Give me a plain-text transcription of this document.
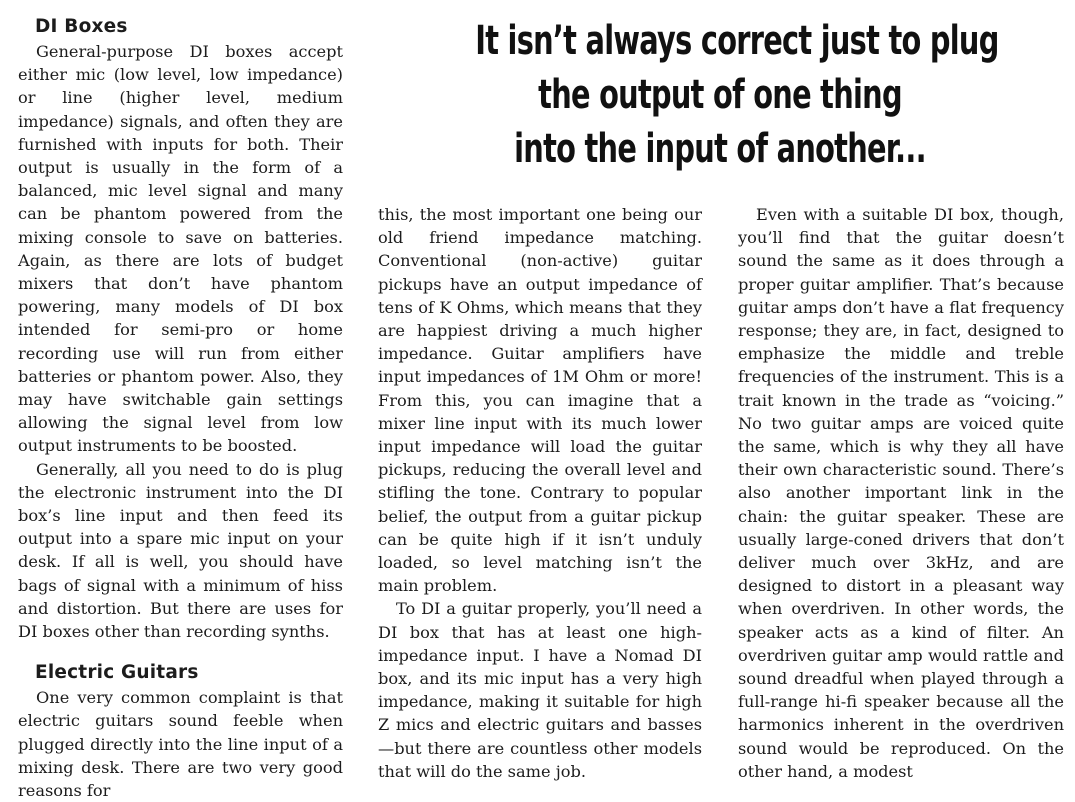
It isn’t always correct just to plug
the output of one thing
into the input of another...
DI Boxes

General-purpose DI boxes accept either mic (low level, low impedance) or line (higher level, medium impedance) signals, and often they are furnished with inputs for both. Their output is usually in the form of a balanced, mic level signal and many can be phantom powered from the mixing console to save on batteries. Again, as there are lots of budget mixers that don’t have phantom powering, many models of DI box intended for semi-pro or home recording use will run from either batteries or phantom power. Also, they may have switchable gain settings allowing the signal level from low output instruments to be boosted.

Generally, all you need to do is plug the electronic instrument into the DI box’s line input and then feed its output into a spare mic input on your desk. If all is well, you should have bags of signal with a minimum of hiss and distortion. But there are uses for DI boxes other than recording synths.

Electric Guitars

One very common complaint is that electric guitars sound feeble when plugged directly into the line input of a mixing desk. There are two very good reasons for

this, the most important one being our old friend impedance matching. Conventional (non-active) guitar pickups have an output impedance of tens of K Ohms, which means that they are happiest driving a much higher impedance. Guitar amplifiers have input impedances of 1M Ohm or more! From this, you can imagine that a mixer line input with its much lower input impedance will load the guitar pickups, reducing the overall level and stifling the tone. Contrary to popular belief, the output from a guitar pickup can be quite high if it isn’t unduly loaded, so level matching isn’t the main problem.

To DI a guitar properly, you’ll need a DI box that has at least one high-impedance input. I have a Nomad DI box, and its mic input has a very high impedance, making it suitable for high Z mics and electric guitars and basses—but there are countless other models that will do the same job.

Even with a suitable DI box, though, you’ll find that the guitar doesn’t sound the same as it does through a proper guitar amplifier. That’s because guitar amps don’t have a flat frequency response; they are, in fact, designed to emphasize the middle and treble frequencies of the instrument. This is a trait known in the trade as “voicing.” No two guitar amps are voiced quite the same, which is why they all have their own characteristic sound. There’s also another important link in the chain: the guitar speaker. These are usually large-coned drivers that don’t deliver much over 3kHz, and are designed to distort in a pleasant way when overdriven. In other words, the speaker acts as a kind of filter. An overdriven guitar amp would rattle and sound dreadful when played through a full-range hi-fi speaker because all the harmonics inherent in the overdriven sound would be reproduced. On the other hand, a modest
